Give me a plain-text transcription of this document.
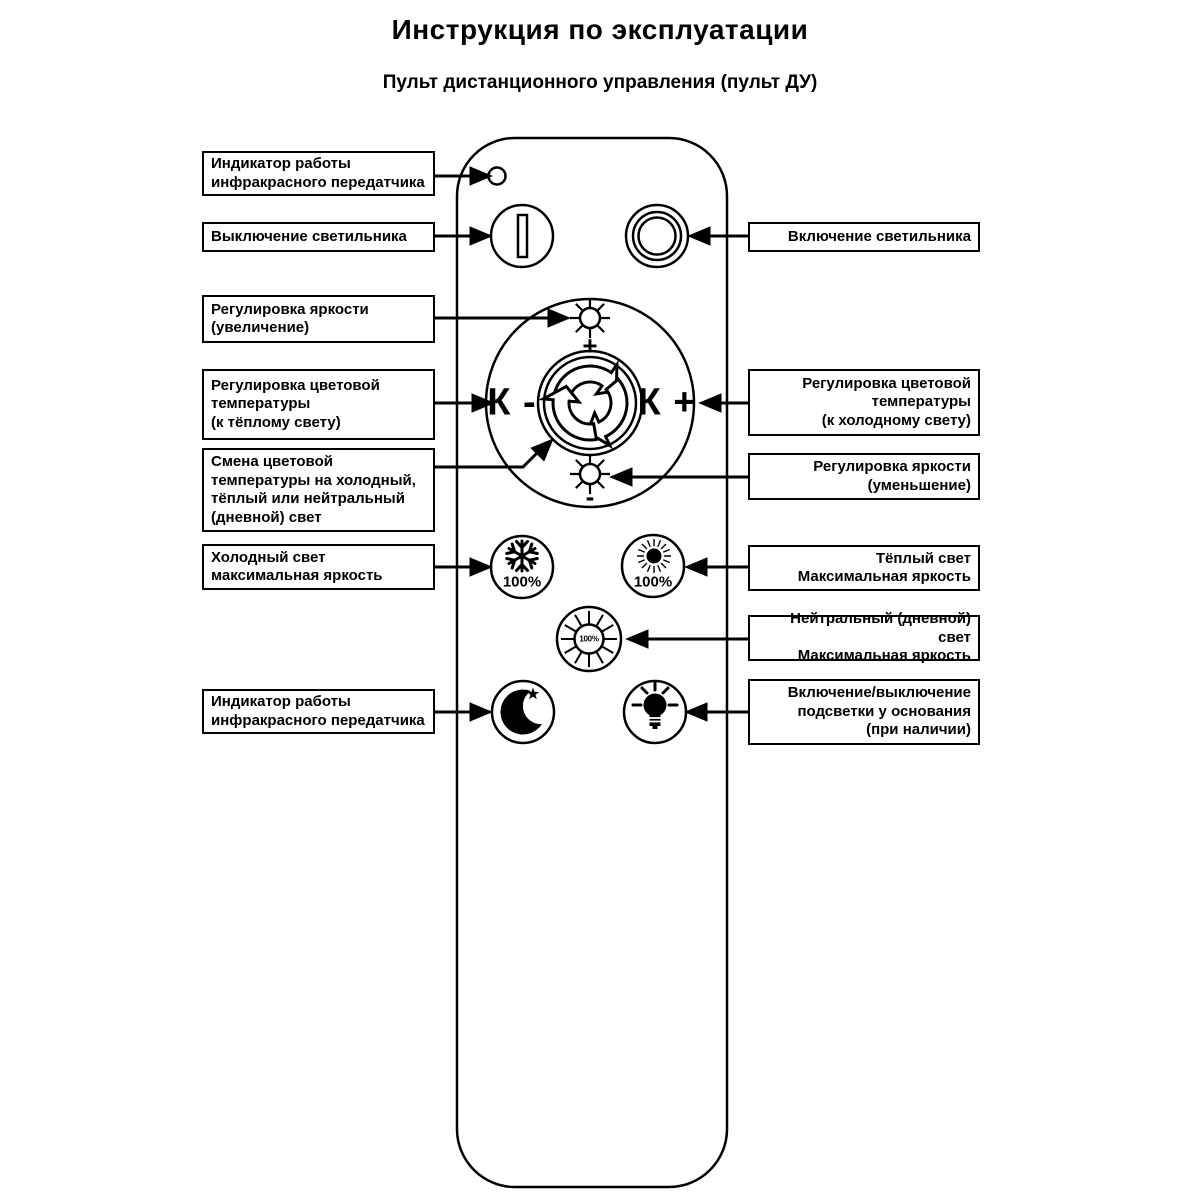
Инструкция по эксплуатации
Пульт дистанционного управления (пульт ДУ)
К -	К +
+
-
100%	100%
100%
Индикатор работы
инфракрасного передатчика
Выключение светильника
Регулировка яркости
(увеличение)
Регулировка цветовой
температуры
(к тёплому свету)
Смена цветовой
температуры на холодный,
тёплый или нейтральный
(дневной) свет
Холодный свет
максимальная яркость
Индикатор работы
инфракрасного передатчика
Включение светильника
Регулировка цветовой
температуры
(к холодному свету)
Регулировка яркости
(уменьшение)
Тёплый свет
Максимальная яркость
Нейтральный (дневной) свет
Максимальная яркость
Включение/выключение
подсветки у основания
(при наличии)
